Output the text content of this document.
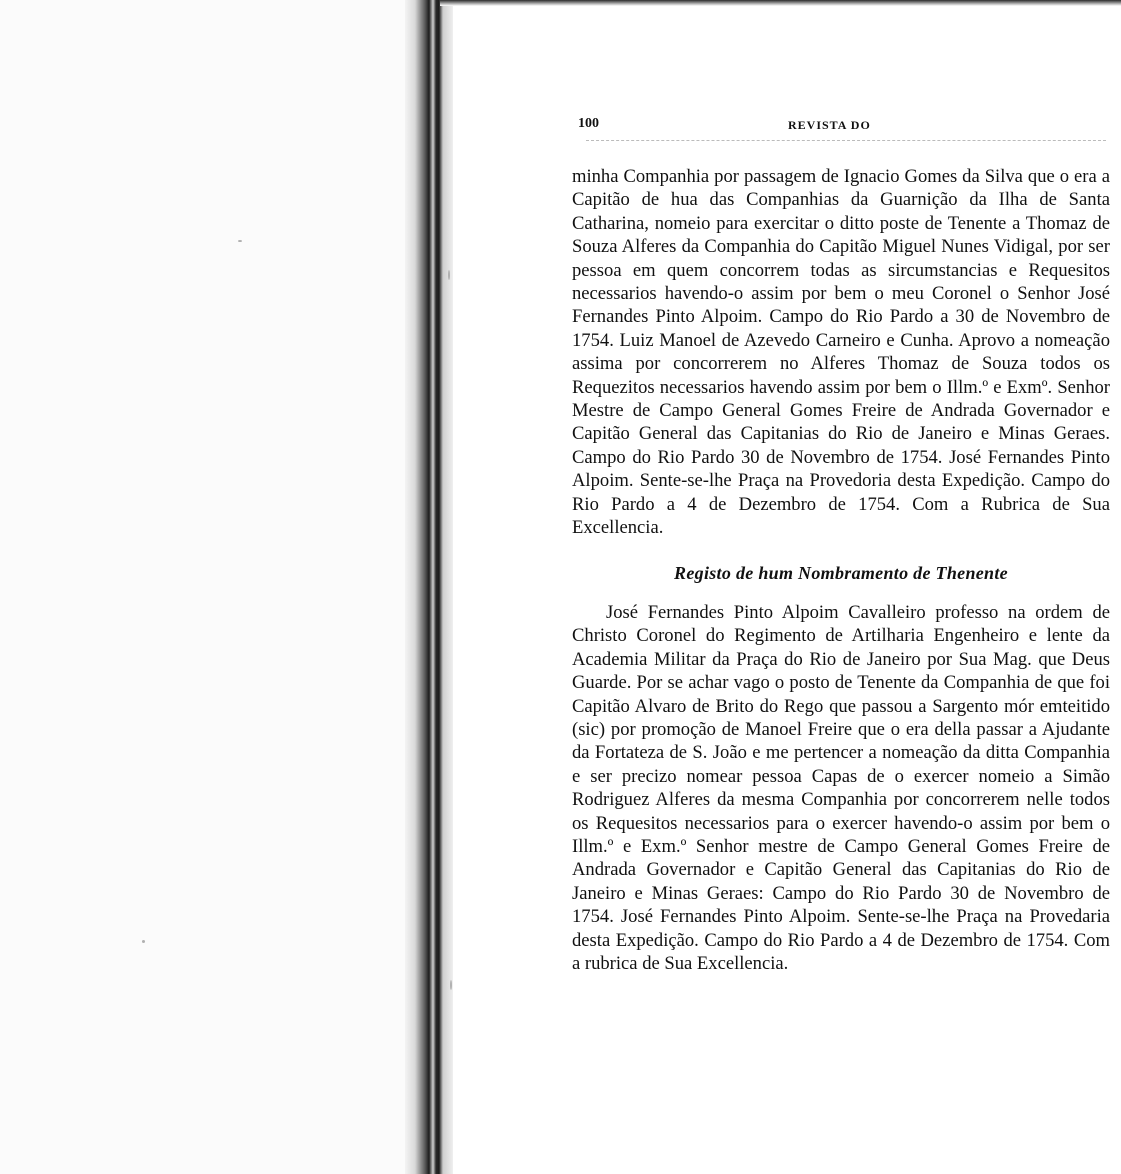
100	REVISTA DO

minha Companhia por passagem de Ignacio Gomes da Silva que o era a Capitão de hua das Companhias da Guarnição da Ilha de Santa Catharina, nomeio para exercitar o ditto poste de Tenente a Thomaz de Souza Alferes da Companhia do Capitão Miguel Nunes Vidigal, por ser pessoa em quem concorrem todas as sircumstancias e Requesitos necessarios havendo-o assim por bem o meu Coronel o Senhor José Fernandes Pinto Alpoim. Campo do Rio Pardo a 30 de Novembro de 1754. Luiz Manoel de Azevedo Carneiro e Cunha. Aprovo a nomeação assima por concorrerem no Alferes Thomaz de Souza todos os Requezitos necessarios havendo assim por bem o Illm.º e Exmº. Senhor Mestre de Campo General Gomes Freire de Andrada Governador e Capitão General das Capitanias do Rio de Janeiro e Minas Geraes. Campo do Rio Pardo 30 de Novembro de 1754. José Fernandes Pinto Alpoim. Sente-se-lhe Praça na Provedoria desta Expedição. Campo do Rio Pardo a 4 de Dezembro de 1754. Com a Rubrica de Sua Excellencia.

Registo de hum Nombramento de Thenente

José Fernandes Pinto Alpoim Cavalleiro professo na ordem de Christo Coronel do Regimento de Artilharia Engenheiro e lente da Academia Militar da Praça do Rio de Janeiro por Sua Mag. que Deus Guarde. Por se achar vago o posto de Tenente da Companhia de que foi Capitão Alvaro de Brito do Rego que passou a Sargento mór emteitido (sic) por promoção de Manoel Freire que o era della passar a Ajudante da Fortateza de S. João e me pertencer a nomeação da ditta Companhia e ser precizo nomear pessoa Capas de o exercer nomeio a Simão Rodriguez Alferes da mesma Companhia por concorrerem nelle todos os Requesitos necessarios para o exercer havendo-o assim por bem o Illm.º e Exm.º Senhor mestre de Campo General Gomes Freire de Andrada Governador e Capitão General das Capitanias do Rio de Janeiro e Minas Geraes: Campo do Rio Pardo 30 de Novembro de 1754. José Fernandes Pinto Alpoim. Sente-se-lhe Praça na Provedaria desta Expedição. Campo do Rio Pardo a 4 de Dezembro de 1754. Com a rubrica de Sua Excellencia.
